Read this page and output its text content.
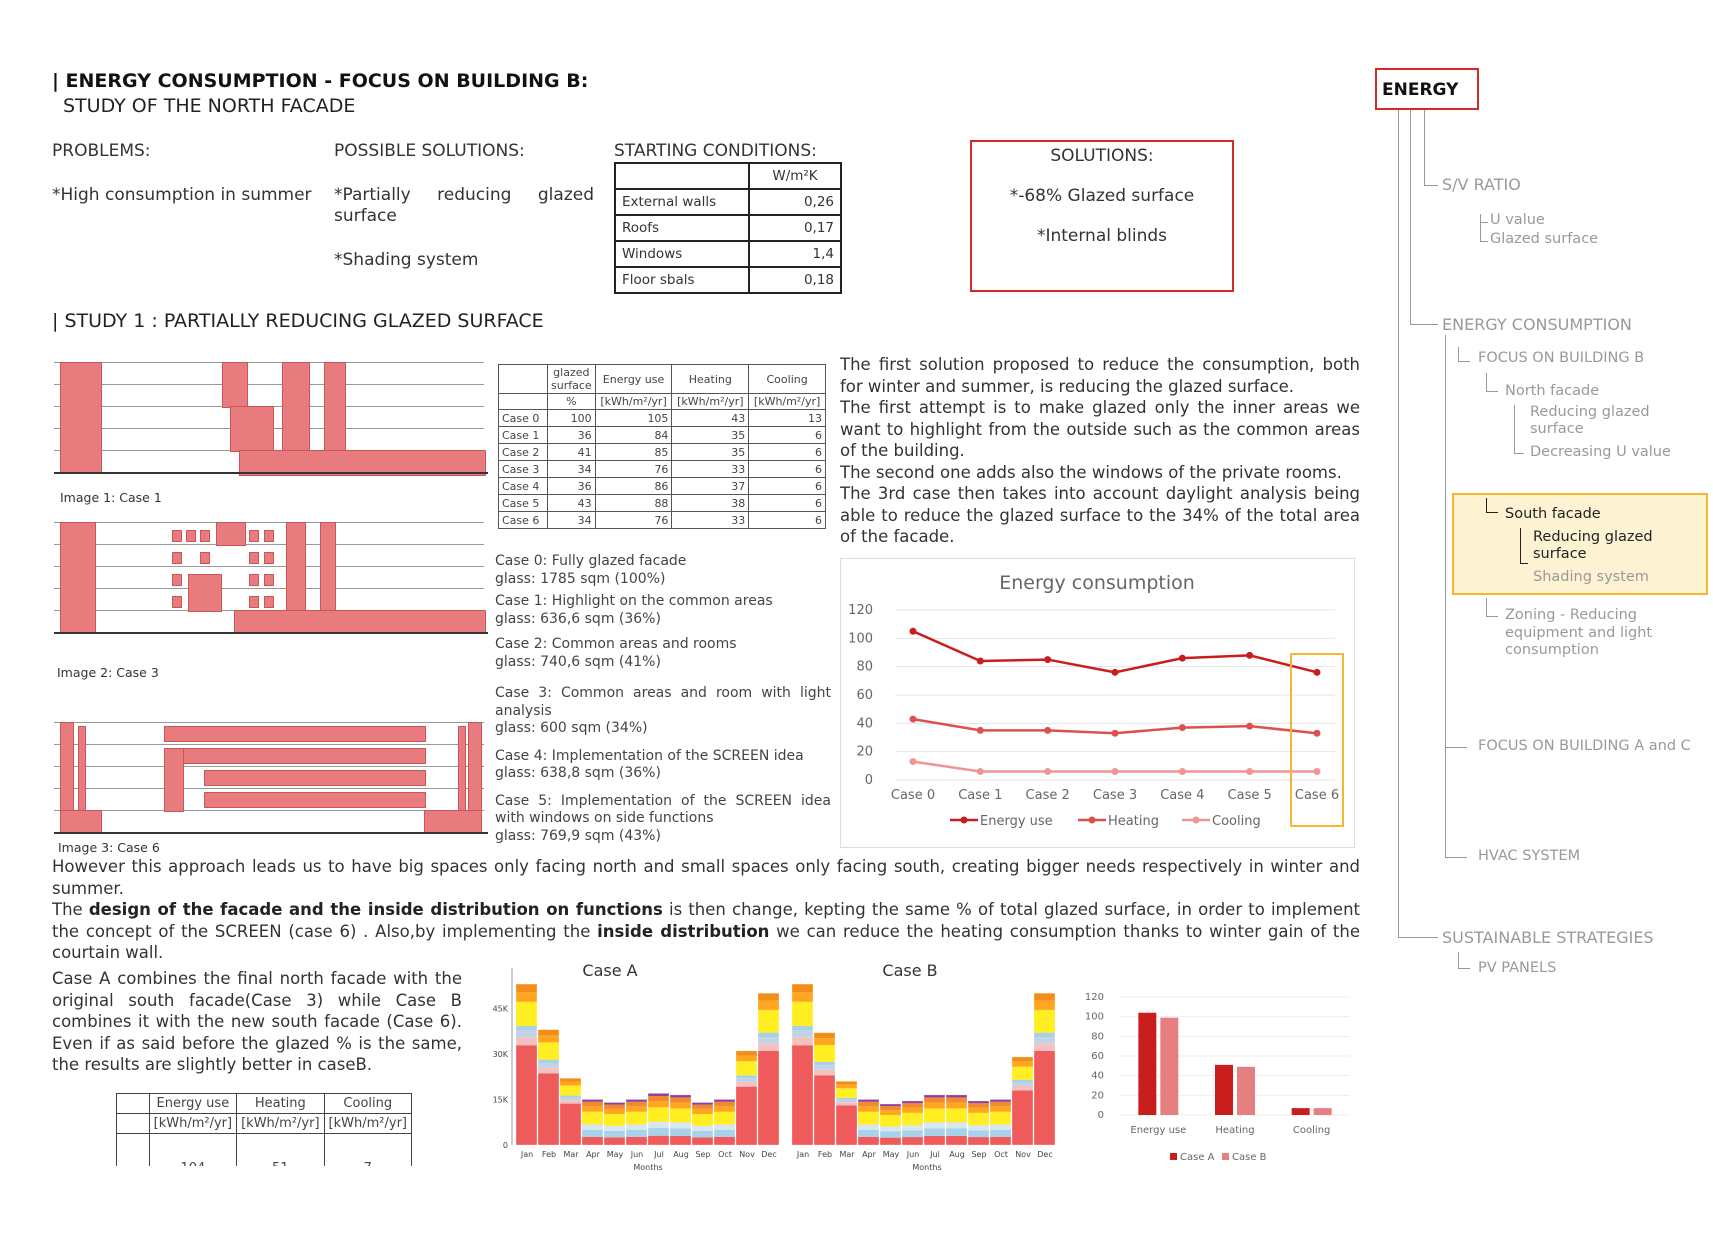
| ENERGY CONSUMPTION - FOCUS ON BUILDING B:
STUDY OF THE NORTH FACADE
PROBLEMS:
*High consumption in summer
POSSIBLE SOLUTIONS:
*Partially reducing glazed surface
*Shading system
STARTING CONDITIONS:
	W/m²K
External walls	0,26
Roofs	0,17
Windows	1,4
Floor sbals	0,18
SOLUTIONS:
*-68% Glazed surface
*Internal blinds
| STUDY 1 : PARTIALLY REDUCING GLAZED SURFACE
Image 1: Case 1
Image 2: Case 3
Image 3: Case 6
	glazed surface	Energy use	Heating	Cooling
	%	[kWh/m²/yr]	[kWh/m²/yr]	[kWh/m²/yr]
Case 0	100	105	43	13
Case 1	36	84	35	6
Case 2	41	85	35	6
Case 3	34	76	33	6
Case 4	36	86	37	6
Case 5	43	88	38	6
Case 6	34	76	33	6
Case 0: Fully glazed facade
glass: 1785 sqm (100%)
Case 1: Highlight on the common areas
glass: 636,6 sqm (36%)
Case 2: Common areas and rooms
glass: 740,6 sqm (41%)
Case 3: Common areas and room with light analysis
glass: 600 sqm (34%)
Case 4: Implementation of the SCREEN idea
glass: 638,8 sqm (36%)
Case 5: Implementation of the SCREEN idea with windows on side functions
glass: 769,9 sqm (43%)
The first solution proposed to reduce the consumption, both for winter and summer, is reducing the glazed surface.
The first attempt is to make glazed only the inner areas we want to highlight from the outside such as the common areas of the building.
The second one adds also the windows of the private rooms.
The 3rd case then takes into account daylight analysis being able to reduce the glazed surface to the 34% of the total area of the facade.
Energy consumption
0
20
40
60
80
100
120
Case 0 Case 1 Case 2 Case 3 Case 4 Case 5 Case 6
Energy use	Heating	Cooling
However this approach leads us to have big spaces only facing north and small spaces only facing south, creating bigger needs respectively in winter and summer.
The design of the facade and the inside distribution on functions is then change, kepting the same % of total glazed surface, in order to implement the concept of the SCREEN (case 6) . Also,by implementing the inside distribution we can reduce the heating consumption thanks to winter gain of the courtain wall.
Case A combines the final north facade with the original south facade(Case 3) while Case B combines it with the new south facade (Case 6). Even if as said before the glazed % is the same, the results are slightly better in caseB.
	Energy use	Heating	Cooling
	[kWh/m²/yr]	[kWh/m²/yr]	[kWh/m²/yr]

Case A	Case B
0
15K
30K
45K
Jan Feb Mar Apr May Jun Jul Aug Sep Oct Nov Dec	Jan Feb Mar Apr May Jun Jul Aug Sep Oct Nov Dec
Months	Months
0
20
40
60
80
100
120
Energy use	Heating	Cooling
Case A Case B
ENERGY
S/V RATIO
U value
Glazed surface
ENERGY CONSUMPTION
FOCUS ON BUILDING B
North facade
Reducing glazed surface
Decreasing U value
South facade
Reducing glazed surface
Shading system
Zoning - Reducing equipment and light consumption
FOCUS ON BUILDING A and C
HVAC SYSTEM
SUSTAINABLE STRATEGIES
PV PANELS
